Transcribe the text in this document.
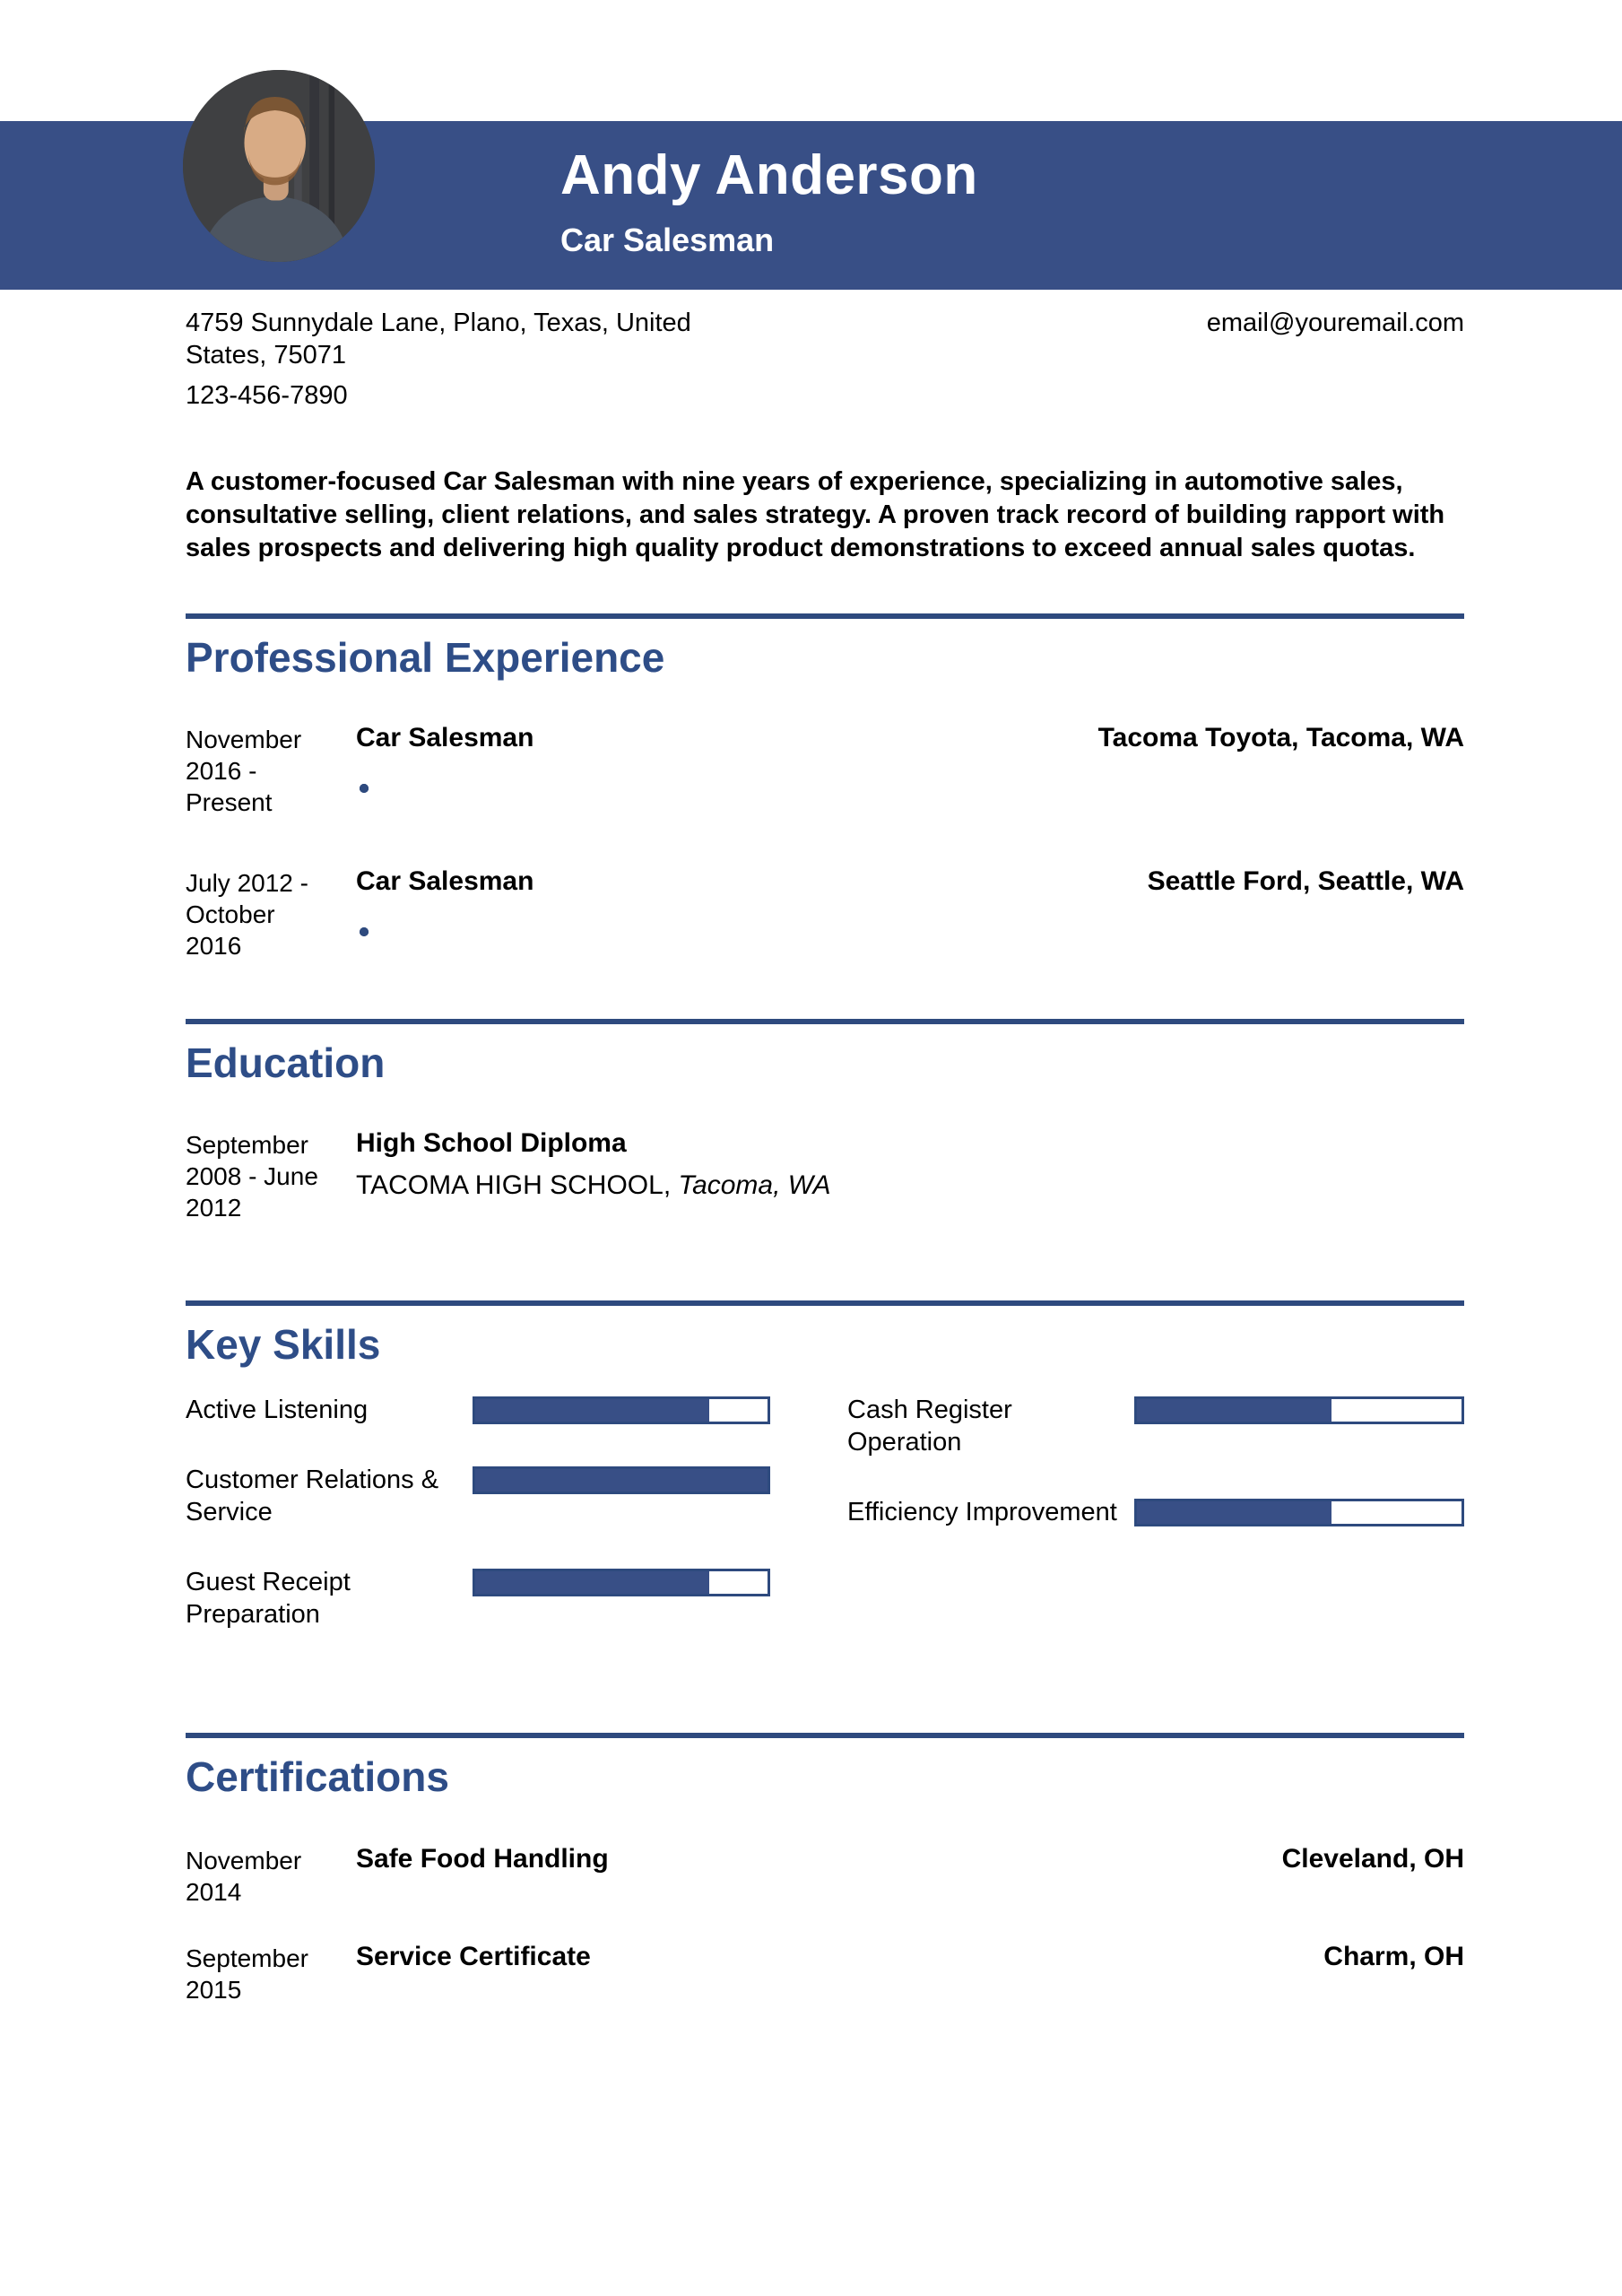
Andy Anderson
Car Salesman
4759 Sunnydale Lane, Plano, Texas, United
States, 75071
123-456-7890
email@youremail.com
A customer-focused Car Salesman with nine years of experience, specializing in automotive sales, consultative selling, client relations, and sales strategy. A proven track record of building rapport with sales prospects and delivering high quality product demonstrations to exceed annual sales quotas.
Professional Experience
November 2016 - Present
Car Salesman	Tacoma Toyota, Tacoma, WA
July 2012 - October 2016
Car Salesman	Seattle Ford, Seattle, WA
Education
September 2008 - June 2012
High School Diploma
TACOMA HIGH SCHOOL, Tacoma, WA
Key Skills
Active Listening
Customer Relations & Service
Guest Receipt Preparation
Cash Register Operation
Efficiency Improvement
Certifications
November 2014
Safe Food Handling	Cleveland, OH
September 2015
Service Certificate	Charm, OH
